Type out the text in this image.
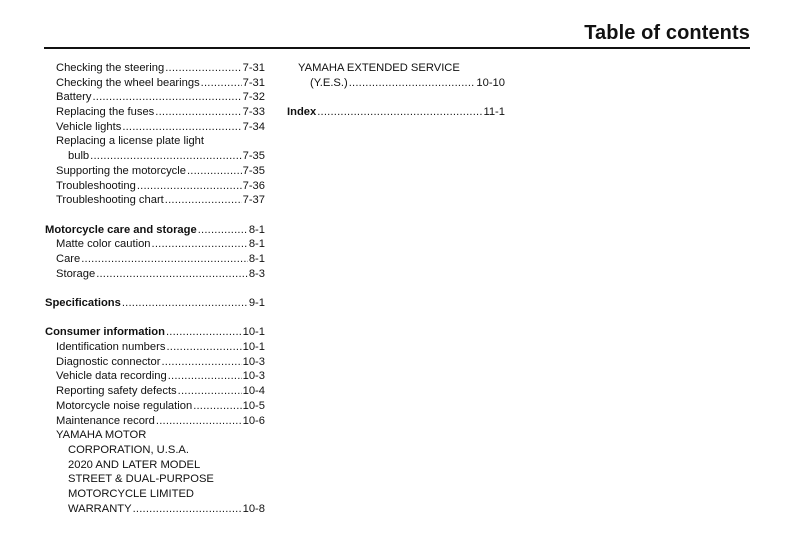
Table of contents
Checking the steering .....	7-31
Checking the wheel bearings .....	7-31
Battery .....	7-32
Replacing the fuses .....	7-33
Vehicle lights .....	7-34
Replacing a license plate light
bulb .....	7-35
Supporting the motorcycle .....	7-35
Troubleshooting .....	7-36
Troubleshooting chart .....	7-37
Motorcycle care and storage .....	8-1
Matte color caution .....	8-1
Care .....	8-1
Storage .....	8-3
Specifications .....	9-1
Consumer information .....	10-1
Identification numbers .....	10-1
Diagnostic connector .....	10-3
Vehicle data recording .....	10-3
Reporting safety defects .....	10-4
Motorcycle noise regulation .....	10-5
Maintenance record .....	10-6
YAMAHA MOTOR
CORPORATION, U.S.A.
2020 AND LATER MODEL
STREET & DUAL-PURPOSE
MOTORCYCLE LIMITED
WARRANTY .....	10-8
YAMAHA EXTENDED SERVICE
(Y.E.S.) .....	10-10
Index .....	11-1
